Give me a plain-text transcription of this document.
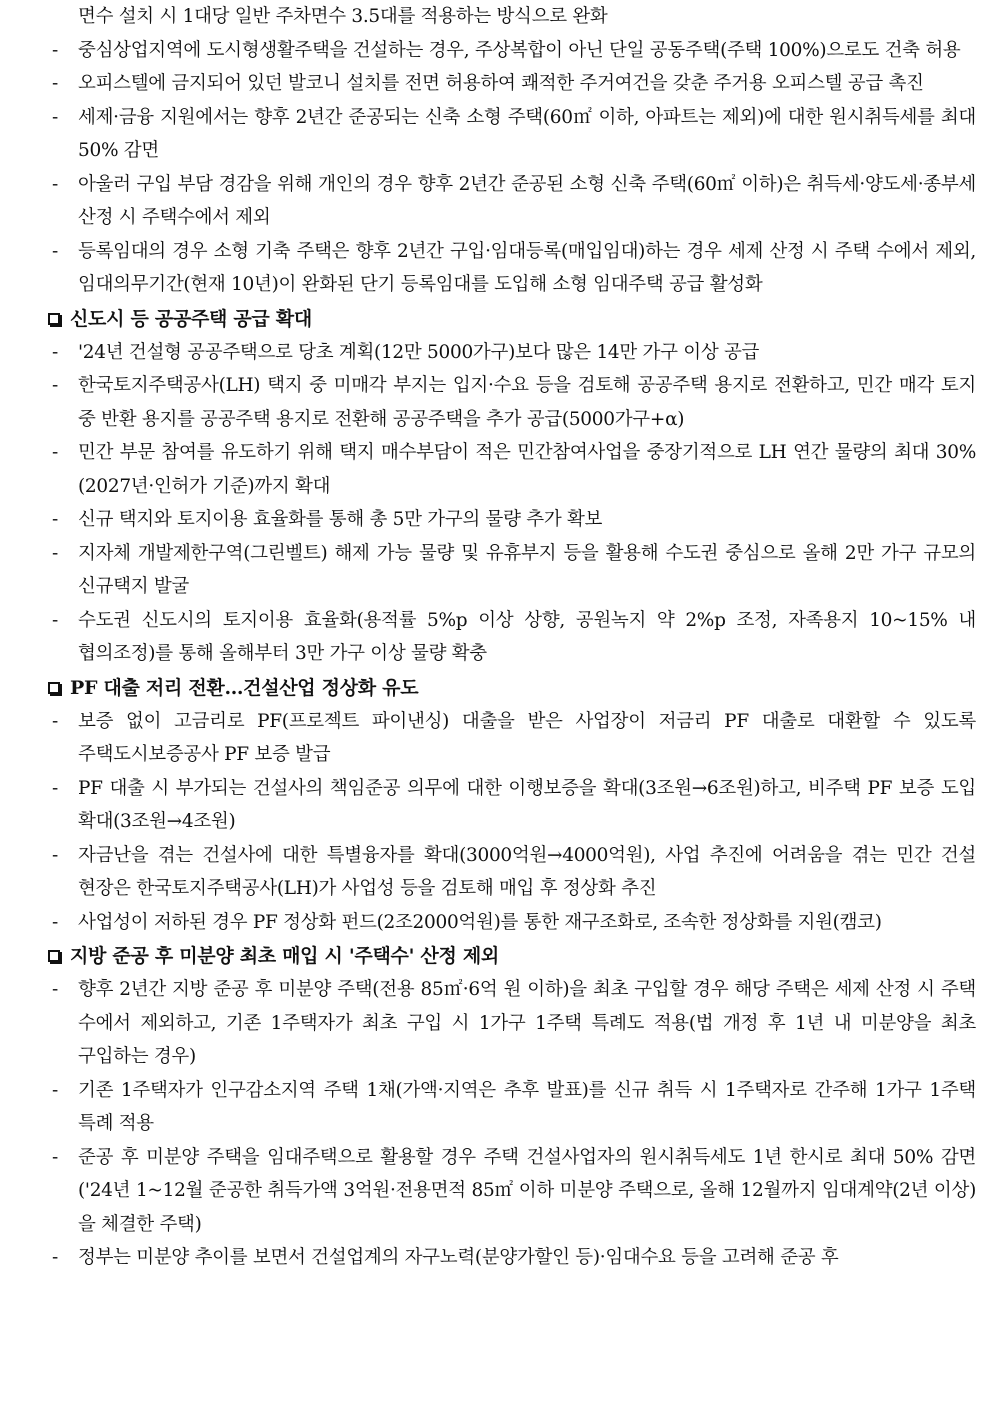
면수 설치 시 1대당 일반 주차면수 3.5대를 적용하는 방식으로 완화
-	중심상업지역에 도시형생활주택을 건설하는 경우, 주상복합이 아닌 단일 공동주택(주택 100%)으로도 건축 허용
-	오피스텔에 금지되어 있던 발코니 설치를 전면 허용하여 쾌적한 주거여건을 갖춘 주거용 오피스텔 공급 촉진
-	세제·금융 지원에서는 향후 2년간 준공되는 신축 소형 주택(60㎡ 이하, 아파트는 제외)에 대한 원시취득세를 최대 50% 감면
-	아울러 구입 부담 경감을 위해 개인의 경우 향후 2년간 준공된 소형 신축 주택(60㎡ 이하)은 취득세·양도세·종부세 산정 시 주택수에서 제외
-	등록임대의 경우 소형 기축 주택은 향후 2년간 구입·임대등록(매입임대)하는 경우 세제 산정 시 주택 수에서 제외, 임대의무기간(현재 10년)이 완화된 단기 등록임대를 도입해 소형 임대주택 공급 활성화
신도시 등 공공주택 공급 확대
-	'24년 건설형 공공주택으로 당초 계획(12만 5000가구)보다 많은 14만 가구 이상 공급
-	한국토지주택공사(LH) 택지 중 미매각 부지는 입지·수요 등을 검토해 공공주택 용지로 전환하고, 민간 매각 토지 중 반환 용지를 공공주택 용지로 전환해 공공주택을 추가 공급(5000가구+α)
-	민간 부문 참여를 유도하기 위해 택지 매수부담이 적은 민간참여사업을 중장기적으로 LH 연간 물량의 최대 30%(2027년·인허가 기준)까지 확대
-	신규 택지와 토지이용 효율화를 통해 총 5만 가구의 물량 추가 확보
-	지자체 개발제한구역(그린벨트) 해제 가능 물량 및 유휴부지 등을 활용해 수도권 중심으로 올해 2만 가구 규모의 신규택지 발굴
-	수도권 신도시의 토지이용 효율화(용적률 5%p 이상 상향, 공원녹지 약 2%p 조정, 자족용지 10~15% 내 협의조정)를 통해 올해부터 3만 가구 이상 물량 확충
PF 대출 저리 전환…건설산업 정상화 유도
-	보증 없이 고금리로 PF(프로젝트 파이낸싱) 대출을 받은 사업장이 저금리 PF 대출로 대환할 수 있도록 주택도시보증공사 PF 보증 발급
-	PF 대출 시 부가되는 건설사의 책임준공 의무에 대한 이행보증을 확대(3조원→6조원)하고, 비주택 PF 보증 도입 확대(3조원→4조원)
-	자금난을 겪는 건설사에 대한 특별융자를 확대(3000억원→4000억원), 사업 추진에 어려움을 겪는 민간 건설 현장은 한국토지주택공사(LH)가 사업성 등을 검토해 매입 후 정상화 추진
-	사업성이 저하된 경우 PF 정상화 펀드(2조2000억원)를 통한 재구조화로, 조속한 정상화를 지원(캠코)
지방 준공 후 미분양 최초 매입 시 '주택수' 산정 제외
-	향후 2년간 지방 준공 후 미분양 주택(전용 85㎡·6억 원 이하)을 최초 구입할 경우 해당 주택은 세제 산정 시 주택 수에서 제외하고, 기존 1주택자가 최초 구입 시 1가구 1주택 특례도 적용(법 개정 후 1년 내 미분양을 최초 구입하는 경우)
-	기존 1주택자가 인구감소지역 주택 1채(가액·지역은 추후 발표)를 신규 취득 시 1주택자로 간주해 1가구 1주택 특례 적용
-	준공 후 미분양 주택을 임대주택으로 활용할 경우 주택 건설사업자의 원시취득세도 1년 한시로 최대 50% 감면('24년 1~12월 준공한 취득가액 3억원·전용면적 85㎡ 이하 미분양 주택으로, 올해 12월까지 임대계약(2년 이상)을 체결한 주택)
-	정부는 미분양 추이를 보면서 건설업계의 자구노력(분양가할인 등)·임대수요 등을 고려해 준공 후
